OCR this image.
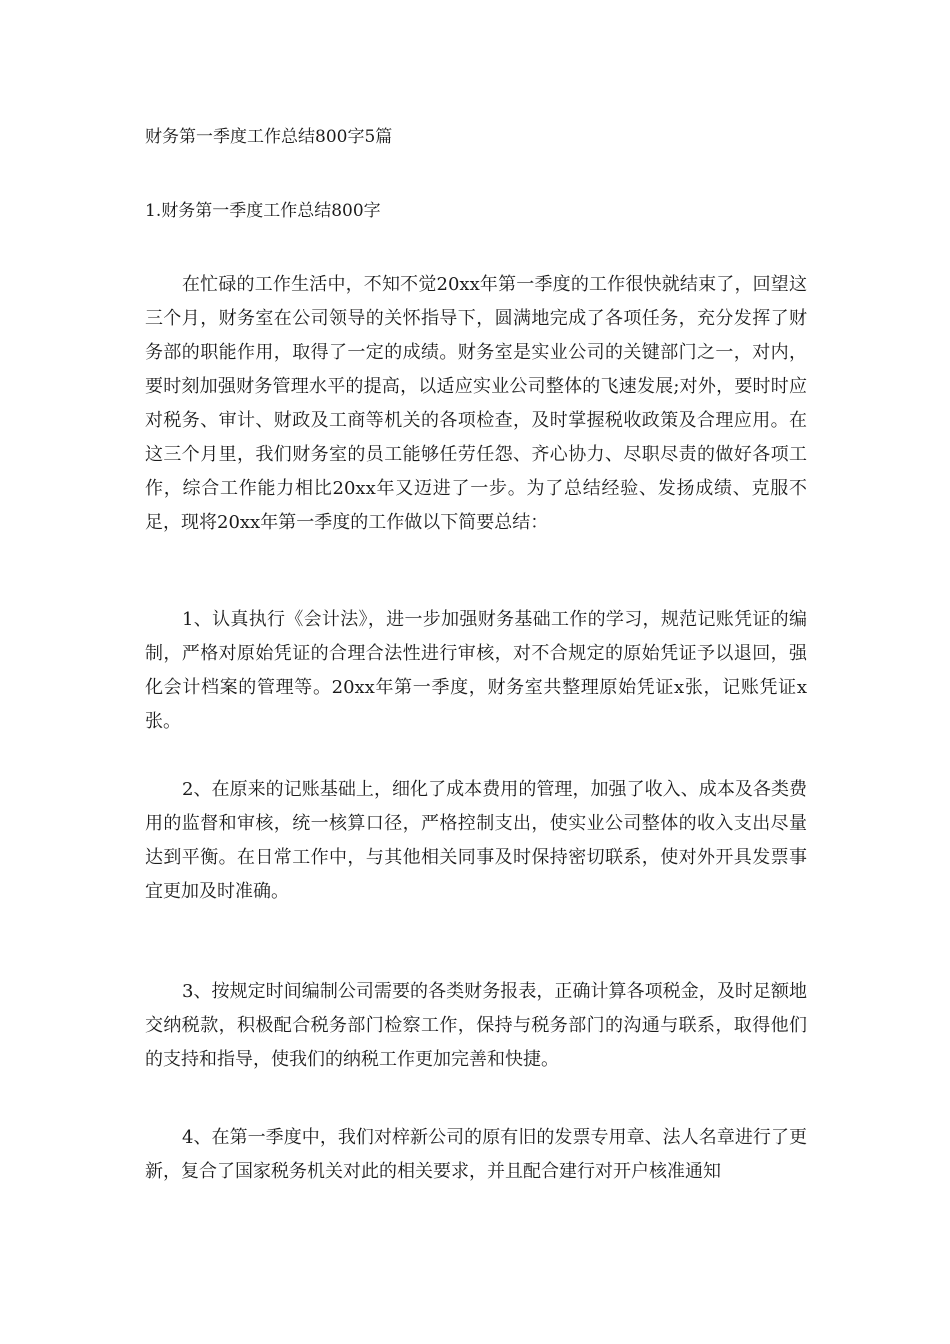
财务第一季度工作总结800字5篇
1.财务第一季度工作总结800字

在忙碌的工作生活中，不知不觉20xx年第一季度的工作很快就结束了，回望这三个月，财务室在公司领导的关怀指导下，圆满地完成了各项任务，充分发挥了财务部的职能作用，取得了一定的成绩。财务室是实业公司的关键部门之一，对内，要时刻加强财务管理水平的提高，以适应实业公司整体的飞速发展;对外，要时时应对税务、审计、财政及工商等机关的各项检查，及时掌握税收政策及合理应用。在这三个月里，我们财务室的员工能够任劳任怨、齐心协力、尽职尽责的做好各项工作，综合工作能力相比20xx年又迈进了一步。为了总结经验、发扬成绩、克服不足，现将20xx年第一季度的工作做以下简要总结：

1、认真执行《会计法》，进一步加强财务基础工作的学习，规范记账凭证的编制，严格对原始凭证的合理合法性进行审核，对不合规定的原始凭证予以退回，强化会计档案的管理等。20xx年第一季度，财务室共整理原始凭证x张，记账凭证x张。

2、在原来的记账基础上，细化了成本费用的管理，加强了收入、成本及各类费用的监督和审核，统一核算口径，严格控制支出，使实业公司整体的收入支出尽量达到平衡。在日常工作中，与其他相关同事及时保持密切联系，使对外开具发票事宜更加及时准确。

3、按规定时间编制公司需要的各类财务报表，正确计算各项税金，及时足额地交纳税款，积极配合税务部门检察工作，保持与税务部门的沟通与联系，取得他们的支持和指导，使我们的纳税工作更加完善和快捷。

4、在第一季度中，我们对梓新公司的原有旧的发票专用章、法人名章进行了更新，复合了国家税务机关对此的相关要求，并且配合建行对开户核准通知
